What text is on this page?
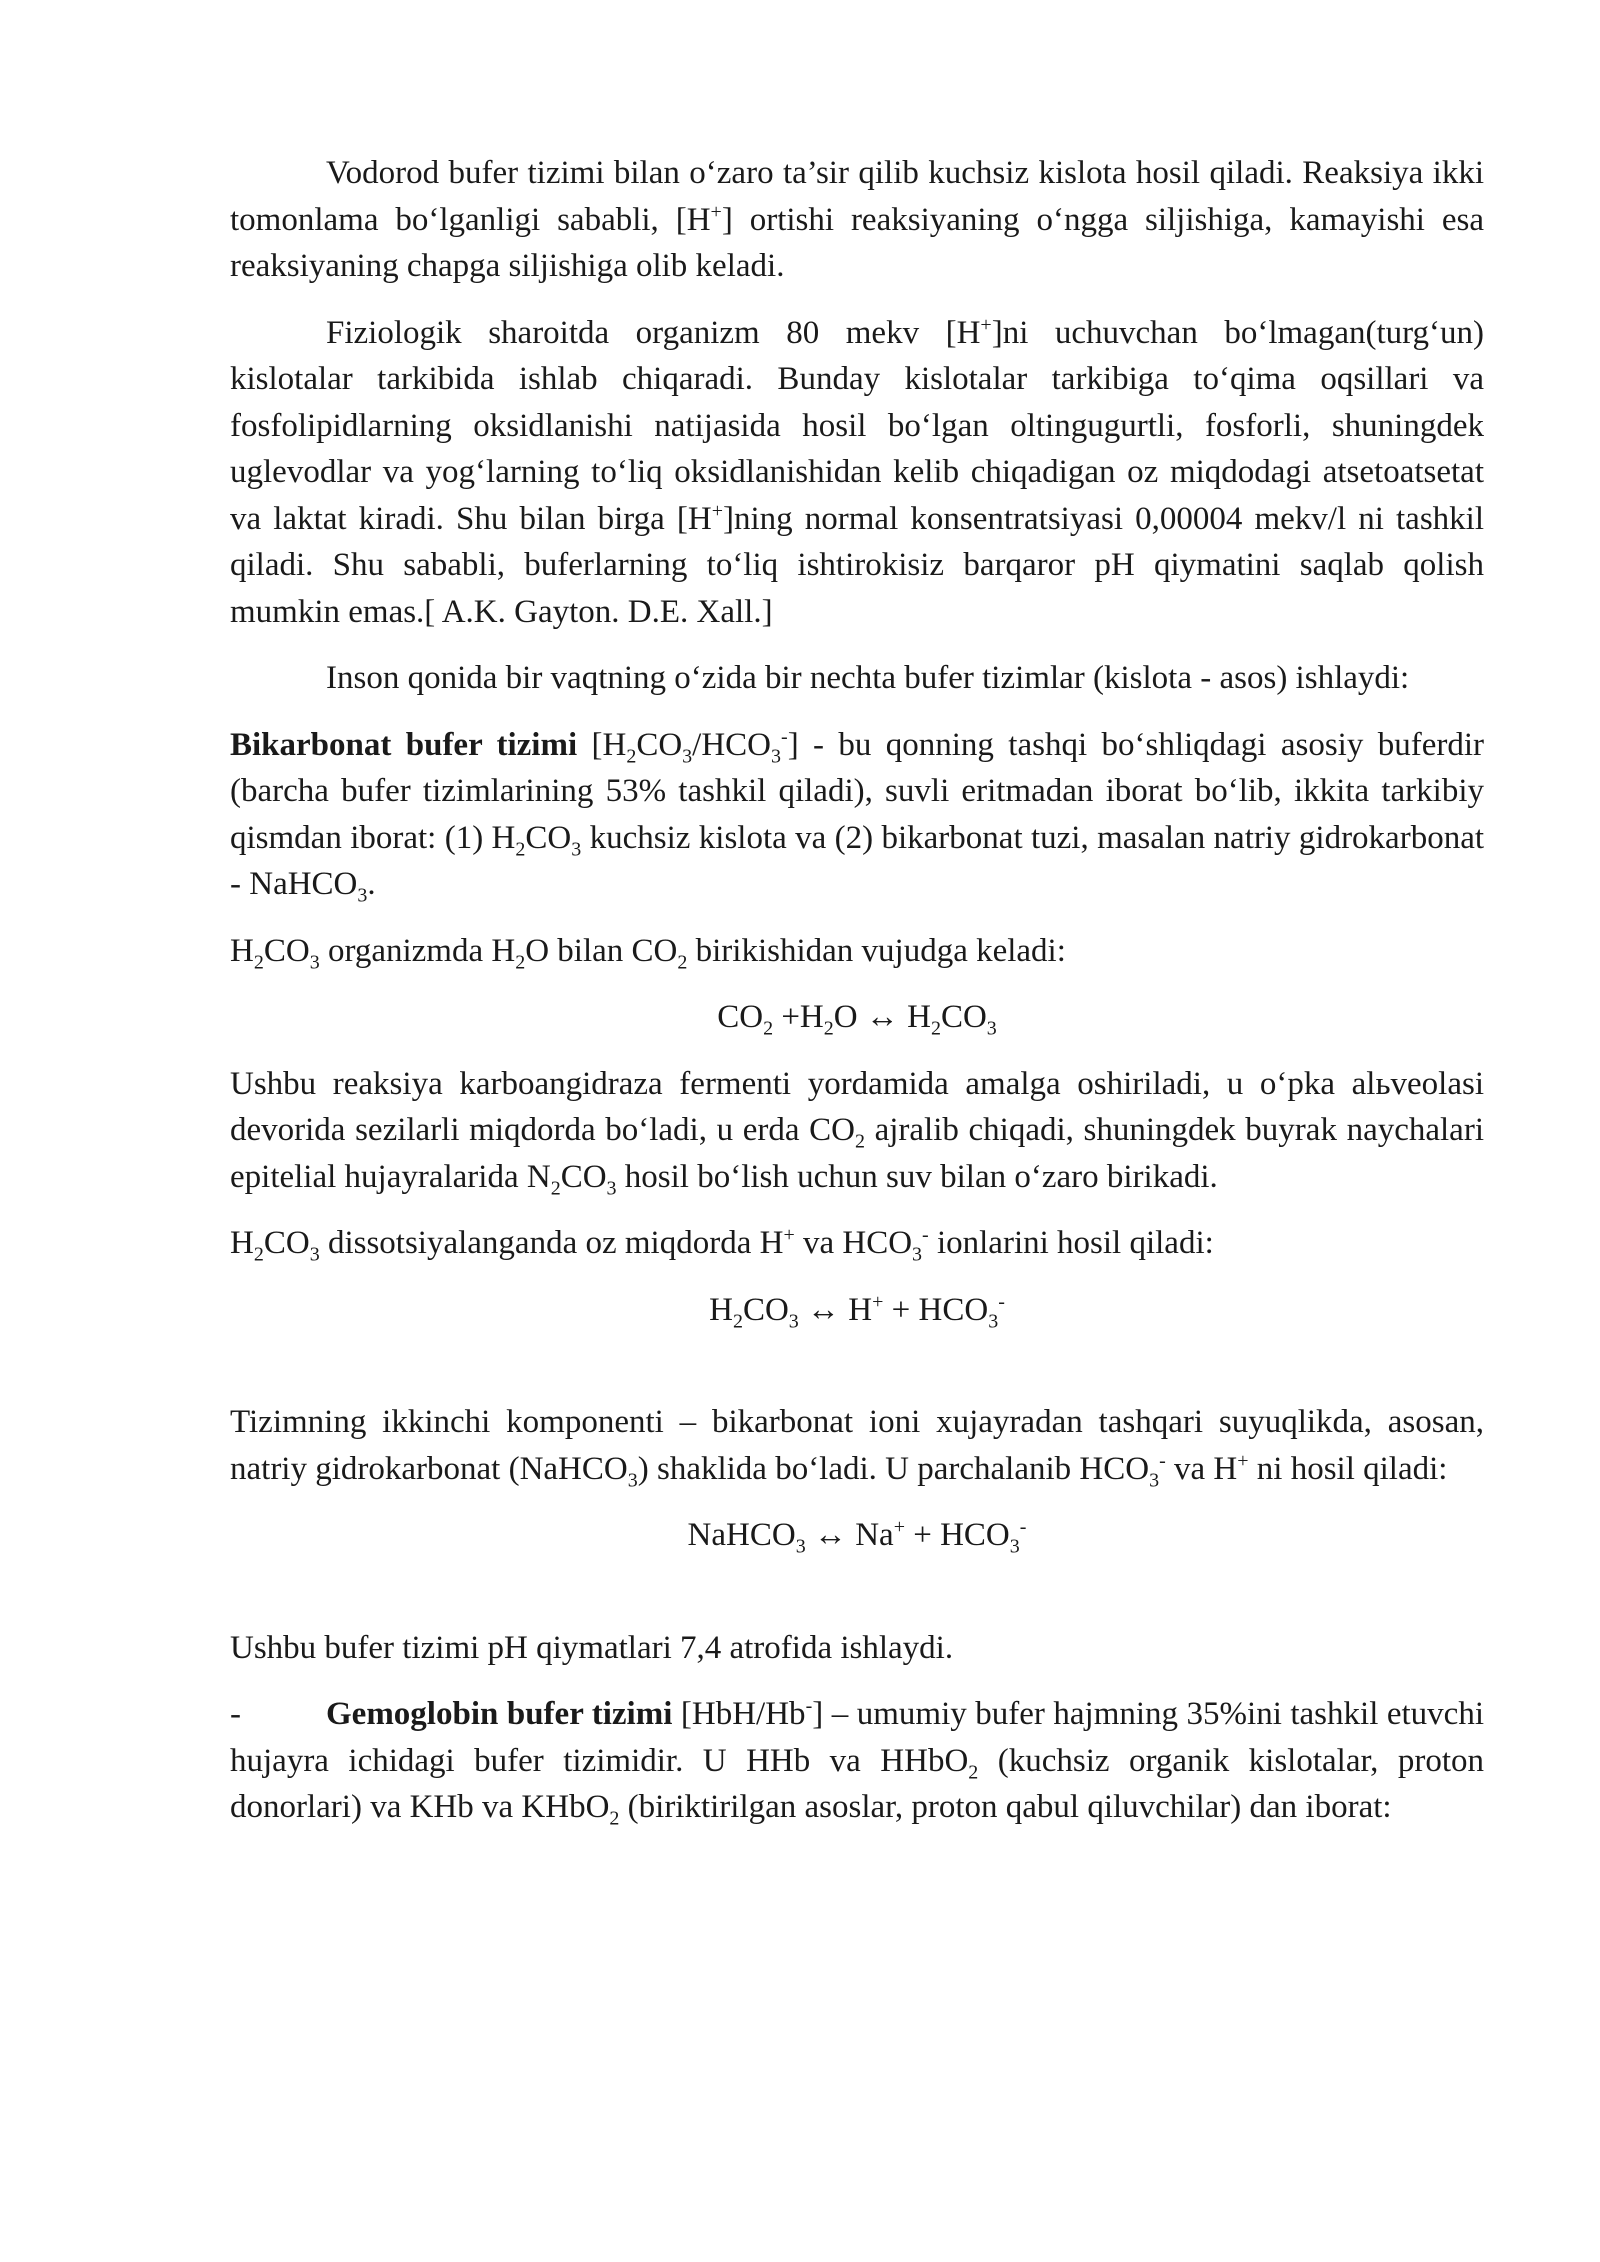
Vodorod bufer tizimi bilan o‘zaro ta’sir qilib kuchsiz kislota hosil qiladi. Reaksiya ikki tomonlama bo‘lganligi sababli, [H+] ortishi reaksiyaning o‘ngga siljishiga, kamayishi esa reaksiyaning chapga siljishiga olib keladi.

Fiziologik sharoitda organizm 80 mekv [H+]ni uchuvchan bo‘lmagan(turg‘un) kislotalar tarkibida ishlab chiqaradi. Bunday kislotalar tarkibiga to‘qima oqsillari va fosfolipidlarning oksidlanishi natijasida hosil bo‘lgan oltingugurtli, fosforli, shuningdek uglevodlar va yog‘larning to‘liq oksidlanishidan kelib chiqadigan oz miqdodagi atsetoatsetat va laktat kiradi. Shu bilan birga [H+]ning normal konsentratsiyasi 0,00004 mekv/l ni tashkil qiladi. Shu sababli, buferlarning to‘liq ishtirokisiz barqaror pH qiymatini saqlab qolish mumkin emas.[ A.K. Gayton. D.E. Xall.]

Inson qonida bir vaqtning o‘zida bir nechta bufer tizimlar (kislota - asos) ishlaydi:

Bikarbonat bufer tizimi $[H_2CO_3/HCO_3^-]$ - bu qonning tashqi bo‘shliqdagi asosiy buferdir (barcha bufer tizimlarining 53% tashkil qiladi), suvli eritmadan iborat bo‘lib, ikkita tarkibiy qismdan iborat: (1) $H_2CO_3$ kuchsiz kislota va (2) bikarbonat tuzi, masalan natriy gidrokarbonat - NaHCO$_3$.

$H_2CO_3$ organizmda $H_2O$ bilan $CO_2$ birikishidan vujudga keladi:

$CO_2 +H_2O$ ↔ $H_2CO_3$

Ushbu reaksiya karboangidraza fermenti yordamida amalga oshiriladi, u o‘pka alьveolasi devorida sezilarli miqdorda bo‘ladi, u erda $CO_2$ ajralib chiqadi, shuningdek buyrak naychalari epitelial hujayralarida $N_2CO_3$ hosil bo‘lish uchun suv bilan o‘zaro birikadi.

$H_2CO_3$ dissotsiyalanganda oz miqdorda H+ va $HCO_3^-$ ionlarini hosil qiladi:

$H_2CO_3$ ↔ $H^+ + HCO_3^-$

Tizimning ikkinchi komponenti – bikarbonat ioni xujayradan tashqari suyuqlikda, asosan, natriy gidrokarbonat (NaHCO$_3$) shaklida bo‘ladi. U parchalanib $HCO_3^-$ va H+ ni hosil qiladi:

NaHCO$_3$ ↔ $Na^+ + HCO_3^-$

Ushbu bufer tizimi pH qiymatlari 7,4 atrofida ishlaydi.

-	Gemoglobin bufer tizimi [HbH/Hb-] – umumiy bufer hajmning 35%ini tashkil etuvchi hujayra ichidagi bufer tizimidir. U HHb va HHbO$_2$ (kuchsiz organik kislotalar, proton donorlari) va KHb va KHbO$_2$ (biriktirilgan asoslar, proton qabul qiluvchilar) dan iborat:
